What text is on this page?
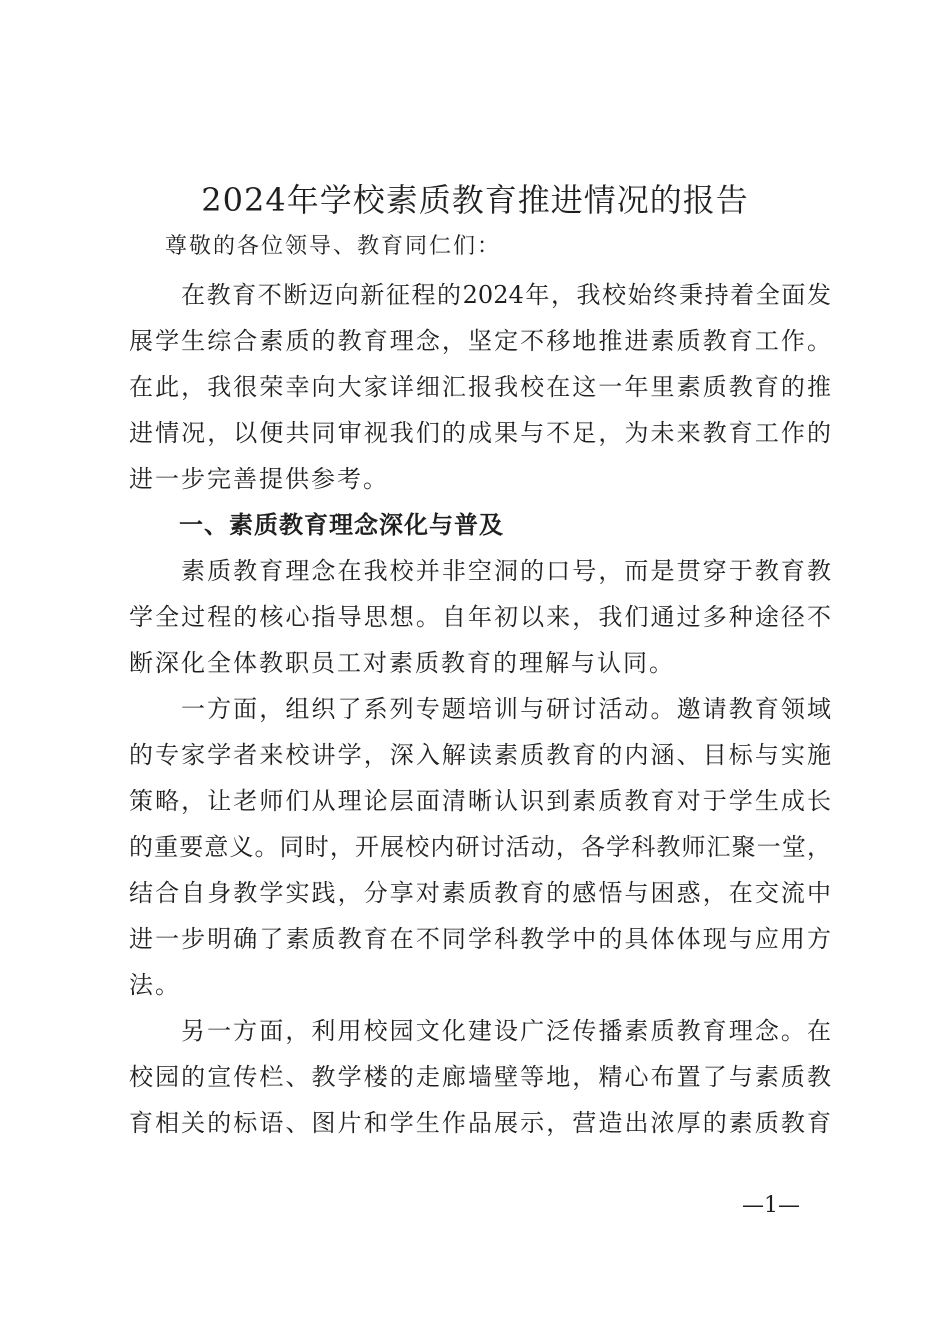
2024年学校素质教育推进情况的报告
尊敬的各位领导、教育同仁们：
在教育不断迈向新征程的2024年，我校始终秉持着全面发
展学生综合素质的教育理念，坚定不移地推进素质教育工作。
在此，我很荣幸向大家详细汇报我校在这一年里素质教育的推
进情况，以便共同审视我们的成果与不足，为未来教育工作的
进一步完善提供参考。
一、素质教育理念深化与普及
素质教育理念在我校并非空洞的口号，而是贯穿于教育教
学全过程的核心指导思想。自年初以来，我们通过多种途径不
断深化全体教职员工对素质教育的理解与认同。
一方面，组织了系列专题培训与研讨活动。邀请教育领域
的专家学者来校讲学，深入解读素质教育的内涵、目标与实施
策略，让老师们从理论层面清晰认识到素质教育对于学生成长
的重要意义。同时，开展校内研讨活动，各学科教师汇聚一堂，
结合自身教学实践，分享对素质教育的感悟与困惑，在交流中
进一步明确了素质教育在不同学科教学中的具体体现与应用方
法。
另一方面，利用校园文化建设广泛传播素质教育理念。在
校园的宣传栏、教学楼的走廊墙壁等地，精心布置了与素质教
育相关的标语、图片和学生作品展示，营造出浓厚的素质教育
—1—
